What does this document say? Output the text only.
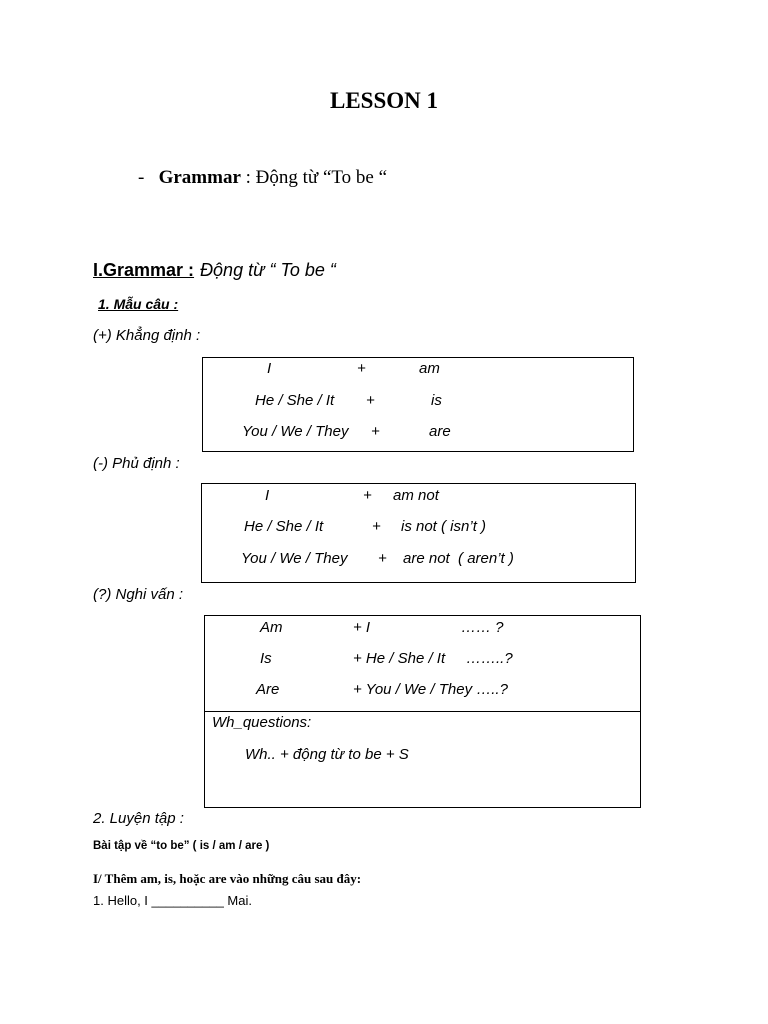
LESSON 1
- Grammar : Động từ “To be “
I.Grammar : Động từ “ To be “
1. Mẫu câu :
(+) Khẳng định :
I	+	am
He / She / It +	is
You / We / They +	are
(-) Phủ định :
I	+ am not
He / She / It	+ is not ( isn’t )
You / We / They + are not  ( aren’t )
(?) Nghi vấn :
Am	+ I	…… ?
Is	+ He / She / It ……..?
Are	+ You / We / They …..?
Wh_questions:
Wh.. + động từ to be + S
2. Luyện tập :
Bài tập về “to be” ( is / am / are )
I/ Thêm am, is, hoặc are vào những câu sau đây:
1. Hello, I __________ Mai.
